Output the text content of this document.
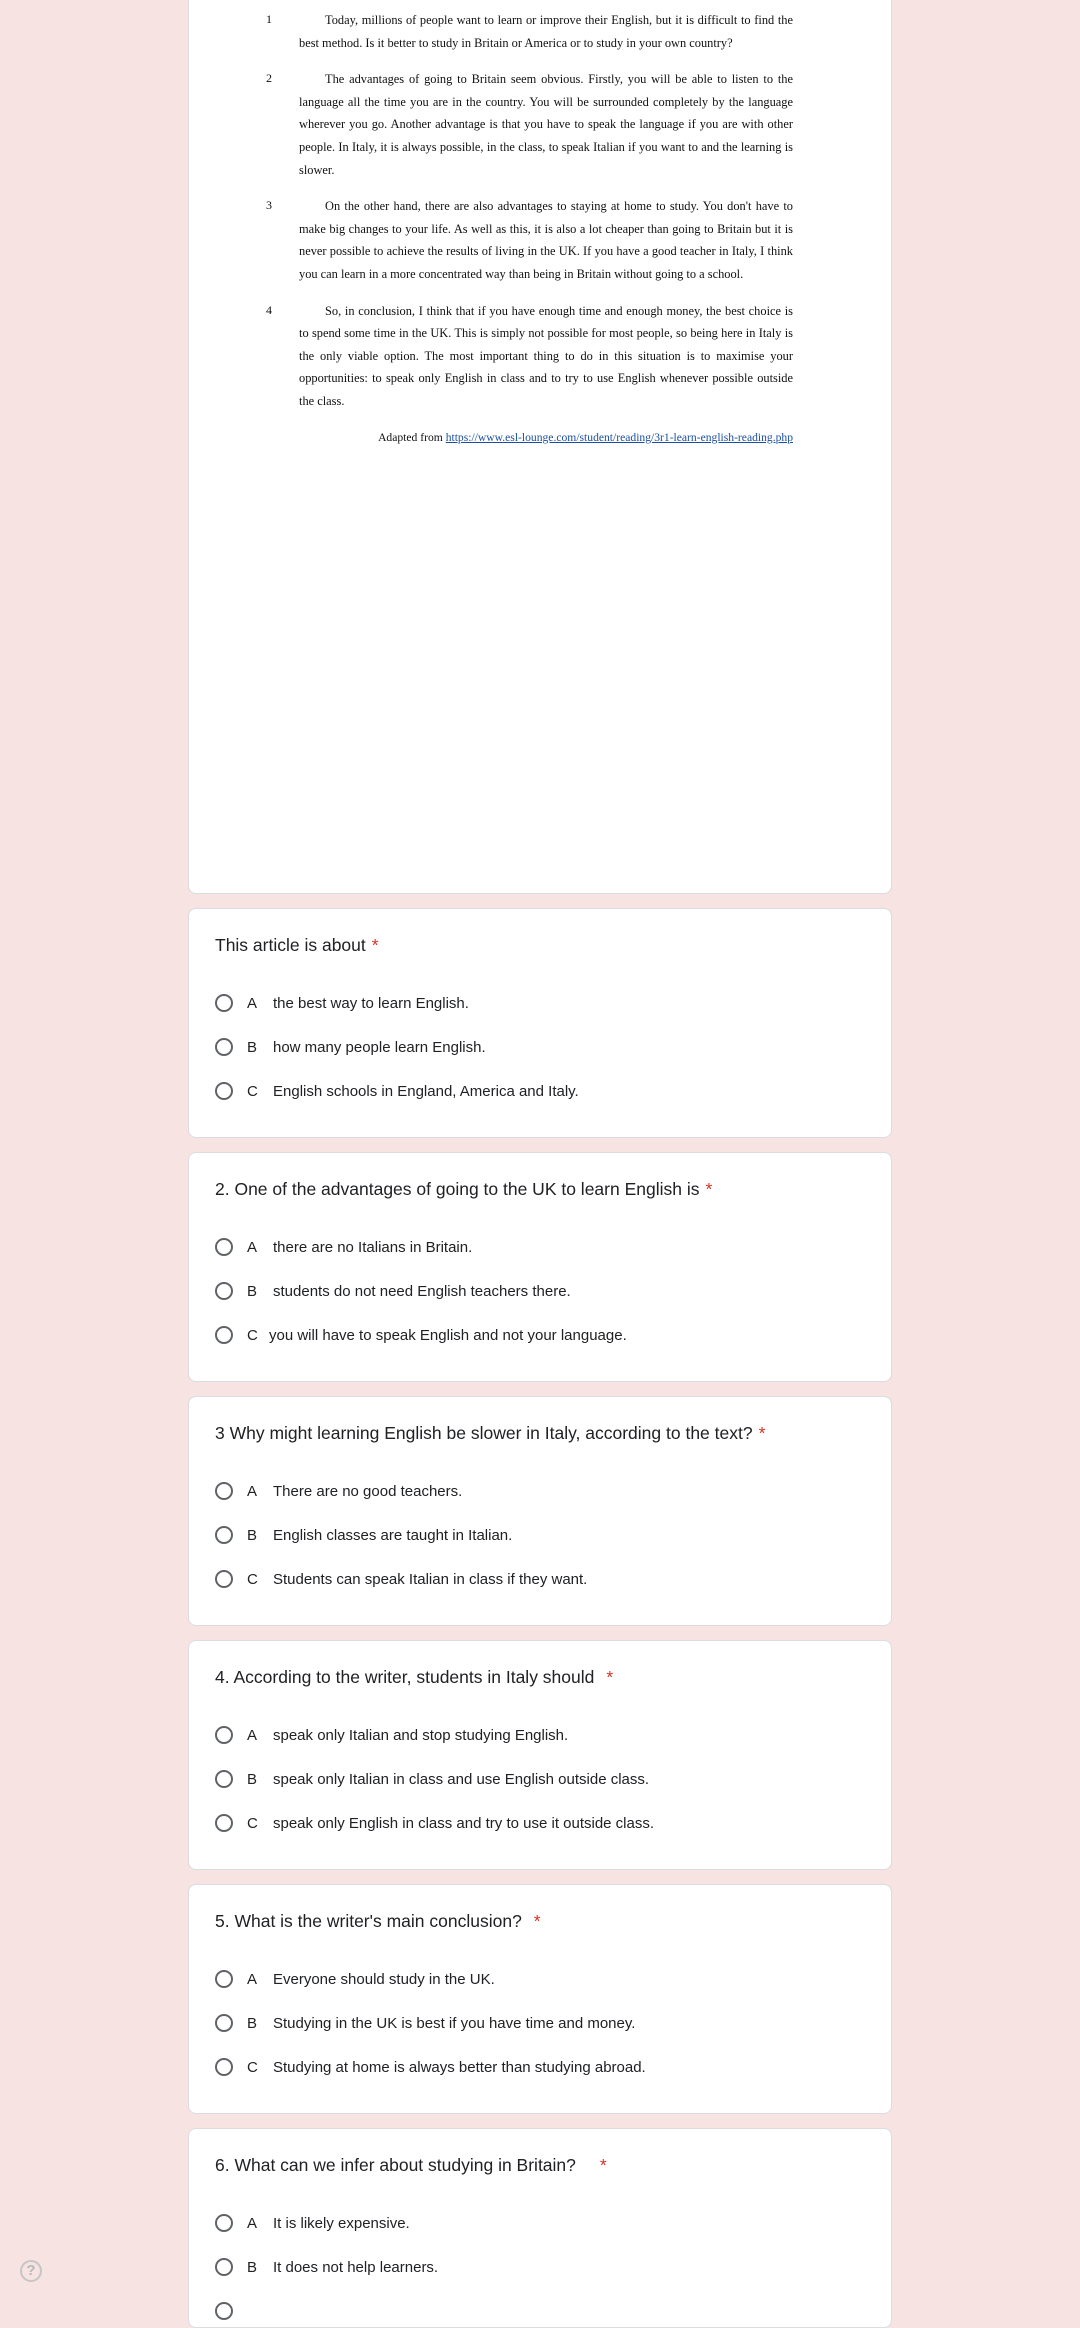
1	Today, millions of people want to learn or improve their English, but it is difficult to find the best method. Is it better to study in Britain or America or to study in your own country?
2	The advantages of going to Britain seem obvious. Firstly, you will be able to listen to the language all the time you are in the country. You will be surrounded completely by the language wherever you go. Another advantage is that you have to speak the language if you are with other people. In Italy, it is always possible, in the class, to speak Italian if you want to and the learning is slower.
3	On the other hand, there are also advantages to staying at home to study. You don't have to make big changes to your life. As well as this, it is also a lot cheaper than going to Britain but it is never possible to achieve the results of living in the UK. If you have a good teacher in Italy, I think you can learn in a more concentrated way than being in Britain without going to a school.
4	So, in conclusion, I think that if you have enough time and enough money, the best choice is to spend some time in the UK. This is simply not possible for most people, so being here in Italy is the only viable option. The most important thing to do in this situation is to maximise your opportunities: to speak only English in class and to try to use English whenever possible outside the class.
Adapted from https://www.esl-lounge.com/student/reading/3r1-learn-english-reading.php
This article is about *
A	the best way to learn English.
B	how many people learn English.
C	English schools in England, America and Italy.
2. One of the advantages of going to the UK to learn English is *
A	there are no Italians in Britain.
B	students do not need English teachers there.
C you will have to speak English and not your language.
3 Why might learning English be slower in Italy, according to the text? *
A	There are no good teachers.
B	English classes are taught in Italian.
C	Students can speak Italian in class if they want.
4. According to the writer, students in Italy should *
A	speak only Italian and stop studying English.
B	speak only Italian in class and use English outside class.
C	speak only English in class and try to use it outside class.
5. What is the writer's main conclusion? *
A	Everyone should study in the UK.
B	Studying in the UK is best if you have time and money.
C	Studying at home is always better than studying abroad.
6. What can we infer about studying in Britain? *
A	It is likely expensive.
B	It does not help learners.
?
